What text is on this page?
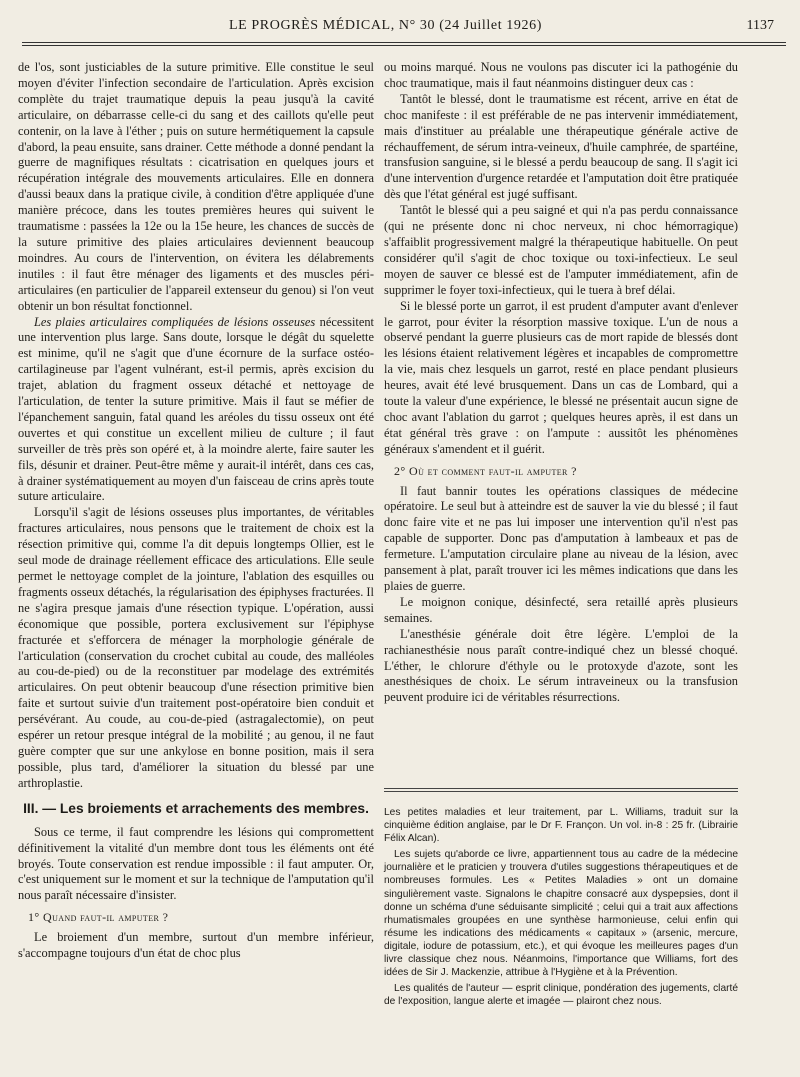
LE PROGRÈS MÉDICAL, N° 30 (24 Juillet 1926)	1137

de l'os, sont justiciables de la suture primitive. Elle constitue le seul moyen d'éviter l'infection secondaire de l'articulation. Après excision complète du trajet traumatique depuis la peau jusqu'à la cavité articulaire, on débarrasse celle-ci du sang et des caillots qu'elle peut contenir, on la lave à l'éther ; puis on suture hermétiquement la capsule d'abord, la peau ensuite, sans drainer. Cette méthode a donné pendant la guerre de magnifiques résultats : cicatrisation en quelques jours et récupération intégrale des mouvements articulaires. Elle en donnera d'aussi beaux dans la pratique civile, à condition d'être appliquée d'une manière précoce, dans les toutes premières heures qui suivent le traumatisme : passées la 12e ou la 15e heure, les chances de succès de la suture primitive des plaies articulaires deviennent beaucoup moindres. Au cours de l'intervention, on évitera les délabrements inutiles : il faut être ménager des ligaments et des muscles péri-articulaires (en particulier de l'appareil extenseur du genou) si l'on veut obtenir un bon résultat fonctionnel.

Les plaies articulaires compliquées de lésions osseuses nécessitent une intervention plus large. Sans doute, lorsque le dégât du squelette est minime, qu'il ne s'agit que d'une écornure de la surface ostéo-cartilagineuse par l'agent vulnérant, est-il permis, après excision du trajet, ablation du fragment osseux détaché et nettoyage de l'articulation, de tenter la suture primitive. Mais il faut se méfier de l'épanchement sanguin, fatal quand les aréoles du tissu osseux ont été ouvertes et qui constitue un excellent milieu de culture ; il faut surveiller de très près son opéré et, à la moindre alerte, faire sauter les fils, désunir et drainer. Peut-être même y aurait-il intérêt, dans ces cas, à drainer systématiquement au moyen d'un faisceau de crins après toute suture articulaire.

Lorsqu'il s'agit de lésions osseuses plus importantes, de véritables fractures articulaires, nous pensons que le traitement de choix est la résection primitive qui, comme l'a dit depuis longtemps Ollier, est le seul mode de drainage réellement efficace des articulations. Elle seule permet le nettoyage complet de la jointure, l'ablation des esquilles ou fragments osseux détachés, la régularisation des épiphyses fracturées. Il ne s'agira presque jamais d'une résection typique. L'opération, aussi économique que possible, portera exclusivement sur l'épiphyse fracturée et s'efforcera de ménager la morphologie générale de l'articulation (conservation du crochet cubital au coude, des malléoles au cou-de-pied) ou de la reconstituer par modelage des extrémités articulaires. On peut obtenir beaucoup d'une résection primitive bien faite et surtout suivie d'un traitement post-opératoire bien conduit et persévérant. Au coude, au cou-de-pied (astragalectomie), on peut espérer un retour presque intégral de la mobilité ; au genou, il ne faut guère compter que sur une ankylose en bonne position, mais il sera possible, plus tard, d'améliorer la situation du blessé par une arthroplastie.

III. — Les broiements et arrachements des membres.

Sous ce terme, il faut comprendre les lésions qui compromettent définitivement la vitalité d'un membre dont tous les éléments ont été broyés. Toute conservation est rendue impossible : il faut amputer. Or, c'est uniquement sur le moment et sur la technique de l'amputation qu'il nous paraît nécessaire d'insister.

1° Quand faut-il amputer ?

Le broiement d'un membre, surtout d'un membre inférieur, s'accompagne toujours d'un état de choc plus

ou moins marqué. Nous ne voulons pas discuter ici la pathogénie du choc traumatique, mais il faut néanmoins distinguer deux cas :

Tantôt le blessé, dont le traumatisme est récent, arrive en état de choc manifeste : il est préférable de ne pas intervenir immédiatement, mais d'instituer au préalable une thérapeutique générale active de réchauffement, de sérum intra-veineux, d'huile camphrée, de spartéine, transfusion sanguine, si le blessé a perdu beaucoup de sang. Il s'agit ici d'une intervention d'urgence retardée et l'amputation doit être pratiquée dès que l'état général est jugé suffisant.

Tantôt le blessé qui a peu saigné et qui n'a pas perdu connaissance (qui ne présente donc ni choc nerveux, ni choc hémorragique) s'affaiblit progressivement malgré la thérapeutique habituelle. On peut considérer qu'il s'agit de choc toxique ou toxi-infectieux. Le seul moyen de sauver ce blessé est de l'amputer immédiatement, afin de supprimer le foyer toxi-infectieux, qui le tuera à bref délai.

Si le blessé porte un garrot, il est prudent d'amputer avant d'enlever le garrot, pour éviter la résorption massive toxique. L'un de nous a observé pendant la guerre plusieurs cas de mort rapide de blessés dont les lésions étaient relativement légères et incapables de compromettre la vie, mais chez lesquels un garrot, resté en place pendant plusieurs heures, avait été levé brusquement. Dans un cas de Lombard, qui a toute la valeur d'une expérience, le blessé ne présentait aucun signe de choc avant l'ablation du garrot ; quelques heures après, il est dans un état général très grave : on l'ampute : aussitôt les phénomènes généraux s'amendent et il guérit.

2° Où et comment faut-il amputer ?

Il faut bannir toutes les opérations classiques de médecine opératoire. Le seul but à atteindre est de sauver la vie du blessé ; il faut donc faire vite et ne pas lui imposer une intervention qu'il n'est pas capable de supporter. Donc pas d'amputation à lambeaux et pas de fermeture. L'amputation circulaire plane au niveau de la lésion, avec pansement à plat, paraît trouver ici les mêmes indications que dans les plaies de guerre.

Le moignon conique, désinfecté, sera retaillé après plusieurs semaines.

L'anesthésie générale doit être légère. L'emploi de la rachianesthésie nous paraît contre-indiqué chez un blessé choqué. L'éther, le chlorure d'éthyle ou le protoxyde d'azote, sont les anesthésiques de choix. Le sérum intraveineux ou la transfusion peuvent produire ici de véritables résurrections.

Les petites maladies et leur traitement, par L. Williams, traduit sur la cinquième édition anglaise, par le Dr F. Françon. Un vol. in-8 : 25 fr. (Librairie Félix Alcan).

Les sujets qu'aborde ce livre, appartiennent tous au cadre de la médecine journalière et le praticien y trouvera d'utiles suggestions thérapeutiques et de nombreuses formules. Les « Petites Maladies » ont un domaine singulièrement vaste. Signalons le chapitre consacré aux dyspepsies, dont il donne un schéma d'une séduisante simplicité ; celui qui a trait aux affections rhumatismales groupées en une synthèse harmonieuse, celui enfin qui résume les indications des médicaments « capitaux » (arsenic, mercure, digitale, iodure de potassium, etc.), et qui évoque les meilleures pages d'un livre classique chez nous. Néanmoins, l'importance que Williams, fort des idées de Sir J. Mackenzie, attribue à l'Hygiène et à la Prévention.

Les qualités de l'auteur — esprit clinique, pondération des jugements, clarté de l'exposition, langue alerte et imagée — plairont chez nous.
